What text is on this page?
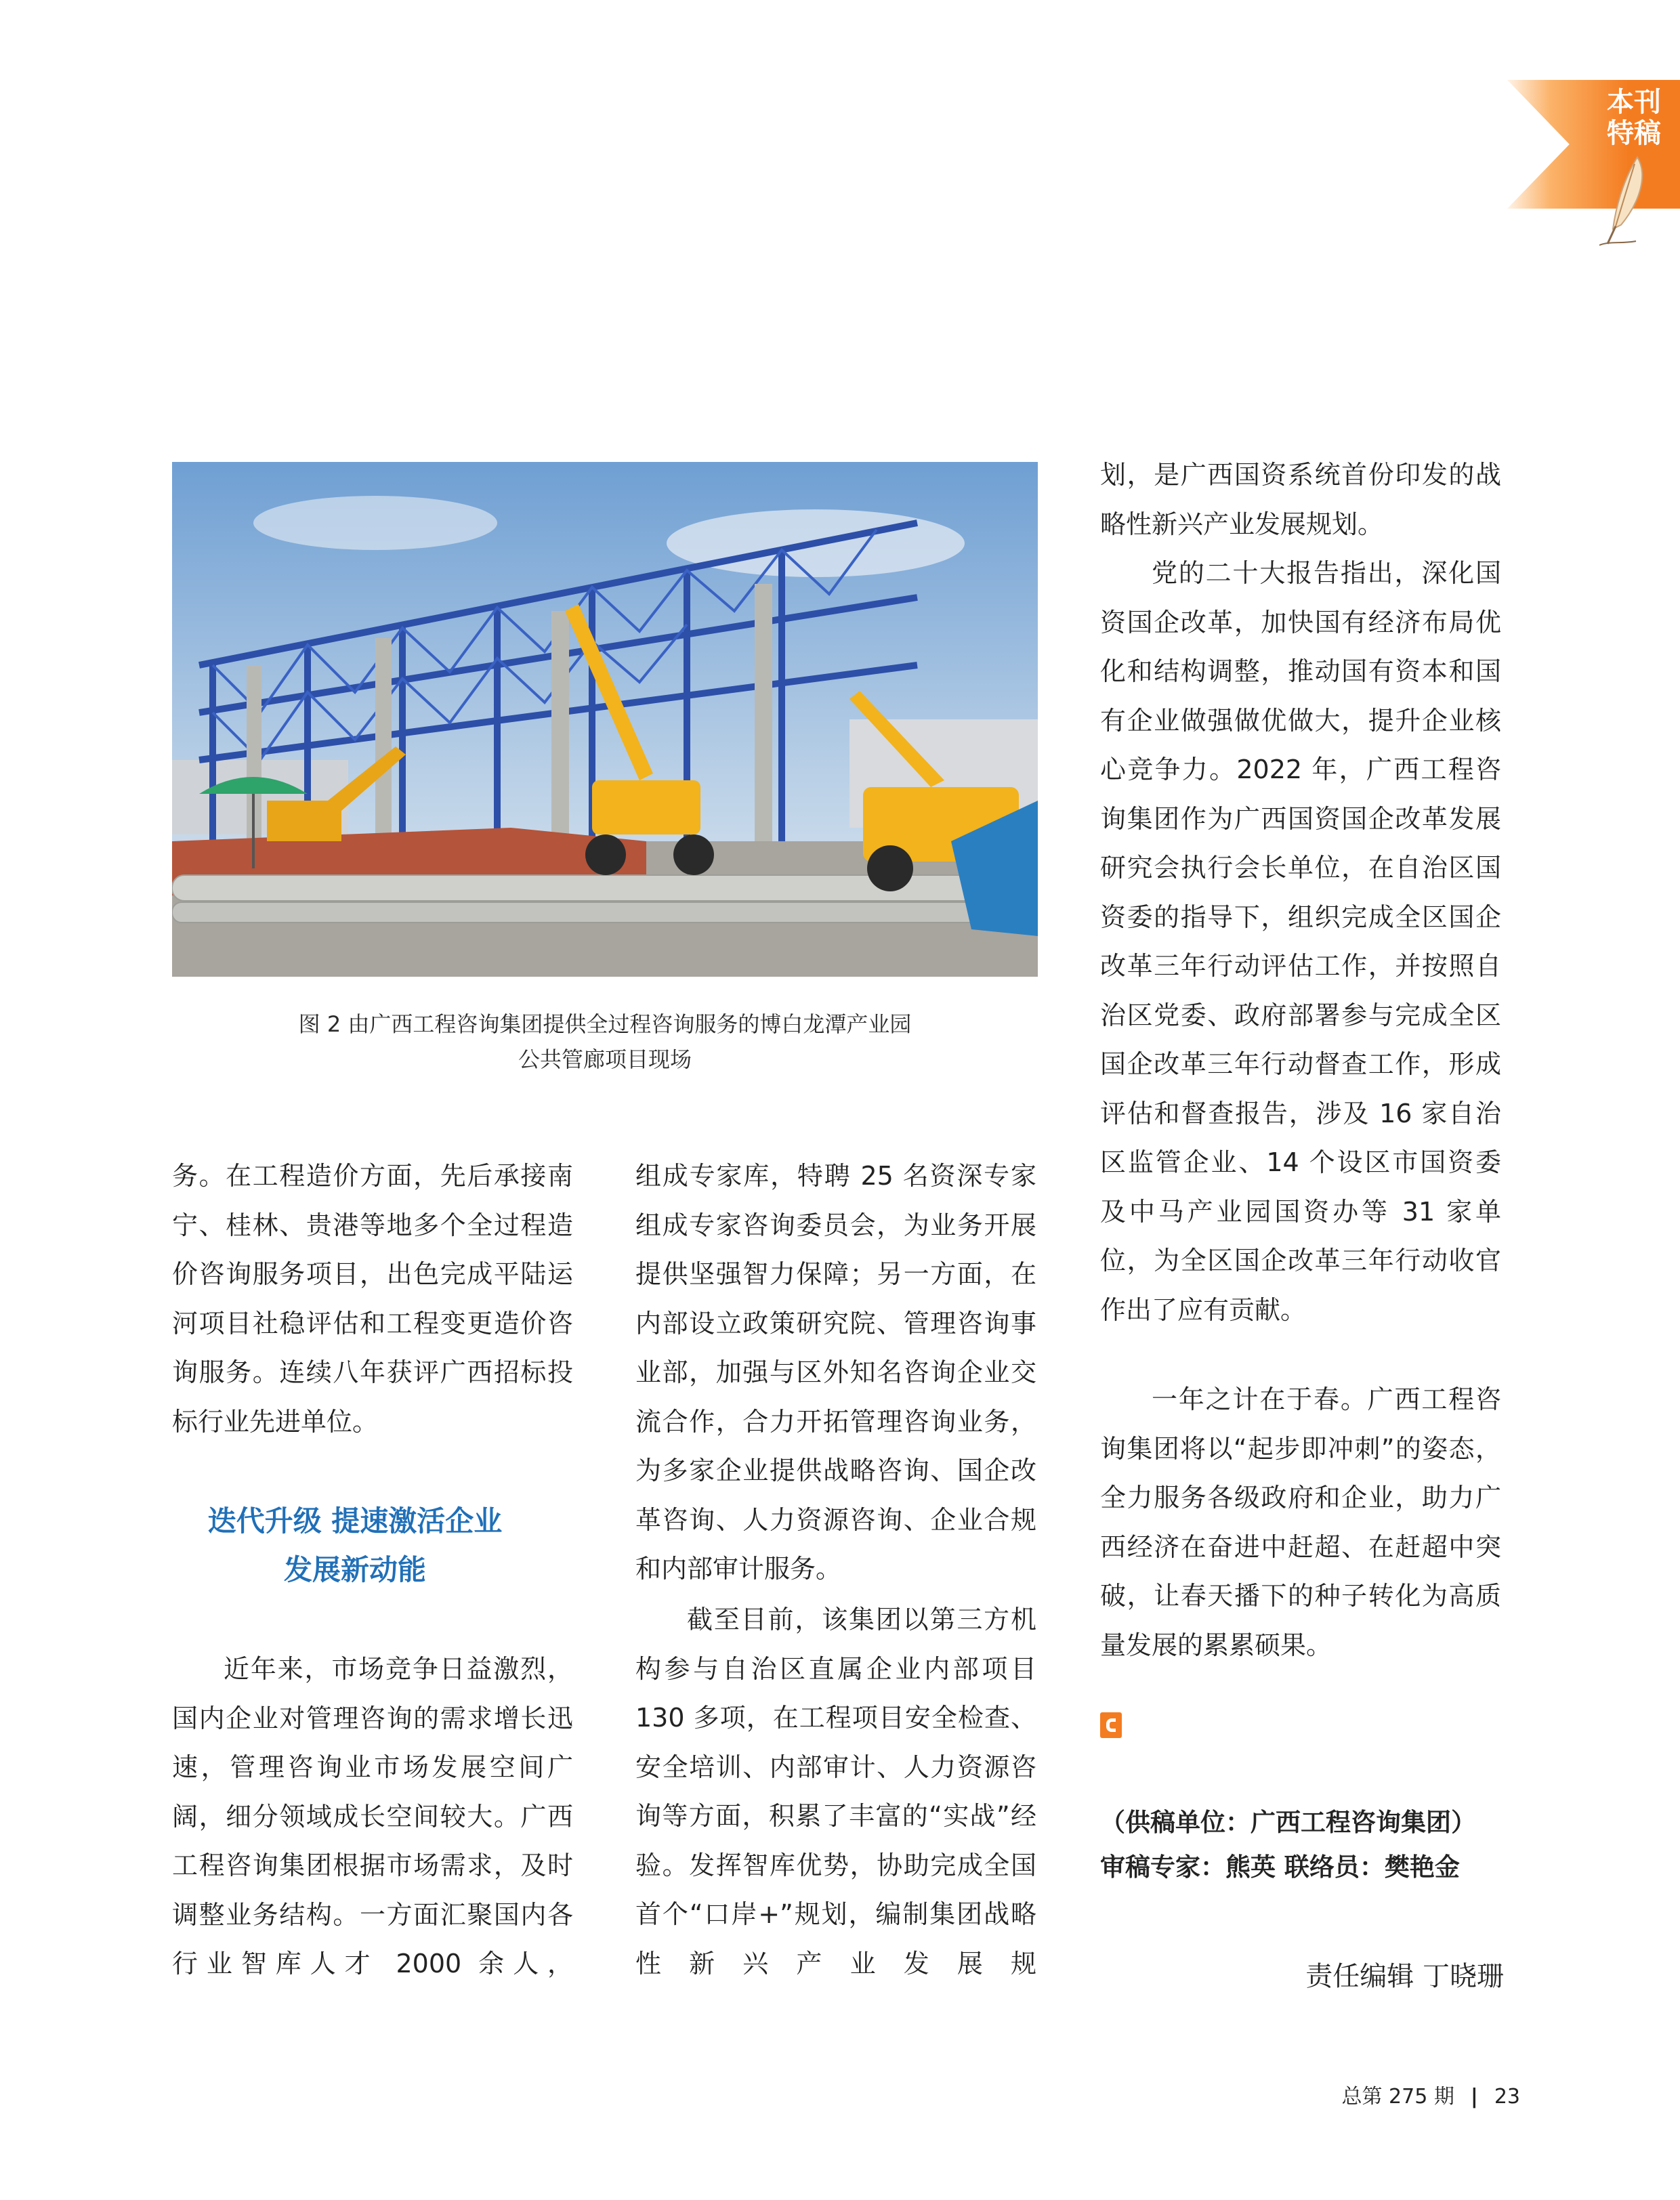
本刊
特稿
图 2 由广西工程咨询集团提供全过程咨询服务的博白龙潭产业园
公共管廊项目现场
务。在工程造价方面，先后承接南宁、桂林、贵港等地多个全过程造价咨询服务项目，出色完成平陆运河项目社稳评估和工程变更造价咨询服务。连续八年获评广西招标投标行业先进单位。
迭代升级 提速激活企业
发展新动能
近年来，市场竞争日益激烈，国内企业对管理咨询的需求增长迅速，管理咨询业市场发展空间广阔，细分领域成长空间较大。广西工程咨询集团根据市场需求，及时调整业务结构。一方面汇聚国内各行业智库人才 2000 余人，
组成专家库，特聘 25 名资深专家组成专家咨询委员会，为业务开展提供坚强智力保障；另一方面，在内部设立政策研究院、管理咨询事业部，加强与区外知名咨询企业交流合作，合力开拓管理咨询业务，为多家企业提供战略咨询、国企改革咨询、人力资源咨询、企业合规和内部审计服务。
截至目前，该集团以第三方机构参与自治区直属企业内部项目 130 多项，在工程项目安全检查、安全培训、内部审计、人力资源咨询等方面，积累了丰富的“实战”经验。发挥智库优势，协助完成全国首个“口岸+”规划，编制集团战略性新兴产业发展规
划，是广西国资系统首份印发的战略性新兴产业发展规划。
党的二十大报告指出，深化国资国企改革，加快国有经济布局优化和结构调整，推动国有资本和国有企业做强做优做大，提升企业核心竞争力。2022 年，广西工程咨询集团作为广西国资国企改革发展研究会执行会长单位，在自治区国资委的指导下，组织完成全区国企改革三年行动评估工作，并按照自治区党委、政府部署参与完成全区国企改革三年行动督查工作，形成评估和督查报告，涉及 16 家自治区监管企业、14 个设区市国资委及中马产业园国资办等 31 家单位，为全区国企改革三年行动收官作出了应有贡献。
一年之计在于春。广西工程咨询集团将以“起步即冲刺”的姿态，全力服务各级政府和企业，助力广西经济在奋进中赶超、在赶超中突破，让春天播下的种子转化为高质量发展的累累硕果。
（供稿单位：广西工程咨询集团）
审稿专家：熊英 联络员：樊艳金
责任编辑 丁晓珊
总第 275 期 | 23
